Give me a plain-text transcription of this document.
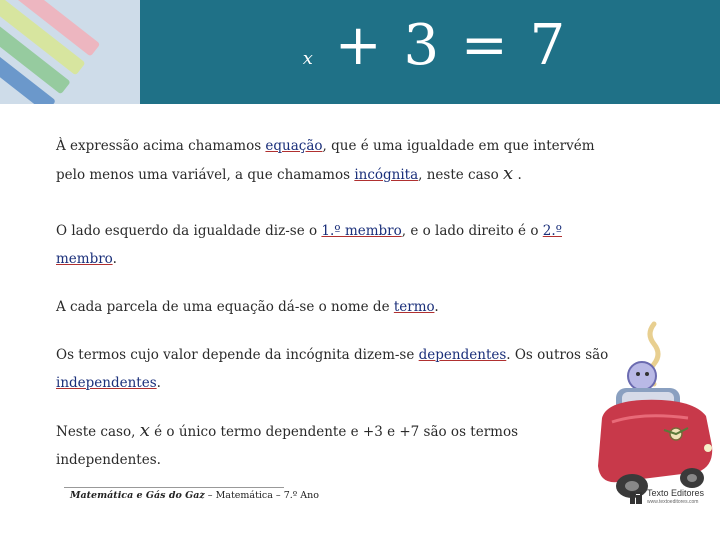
x + 3 = 7

À expressão acima chamamos equação, que é uma igualdade em que intervém pelo menos uma variável, a que chamamos incógnita, neste caso x .

O lado esquerdo da igualdade diz-se o 1.º membro, e o lado direito é o 2.º membro.

A cada parcela de uma equação dá-se o nome de termo.

Os termos cujo valor depende da incógnita dizem-se dependentes. Os outros são independentes.

Neste caso, x é o único termo dependente e +3 e +7 são os termos independentes.

Matemática e Gás do Gaz – Matemática – 7.º Ano	Texto Editores
www.textoeditores.com
